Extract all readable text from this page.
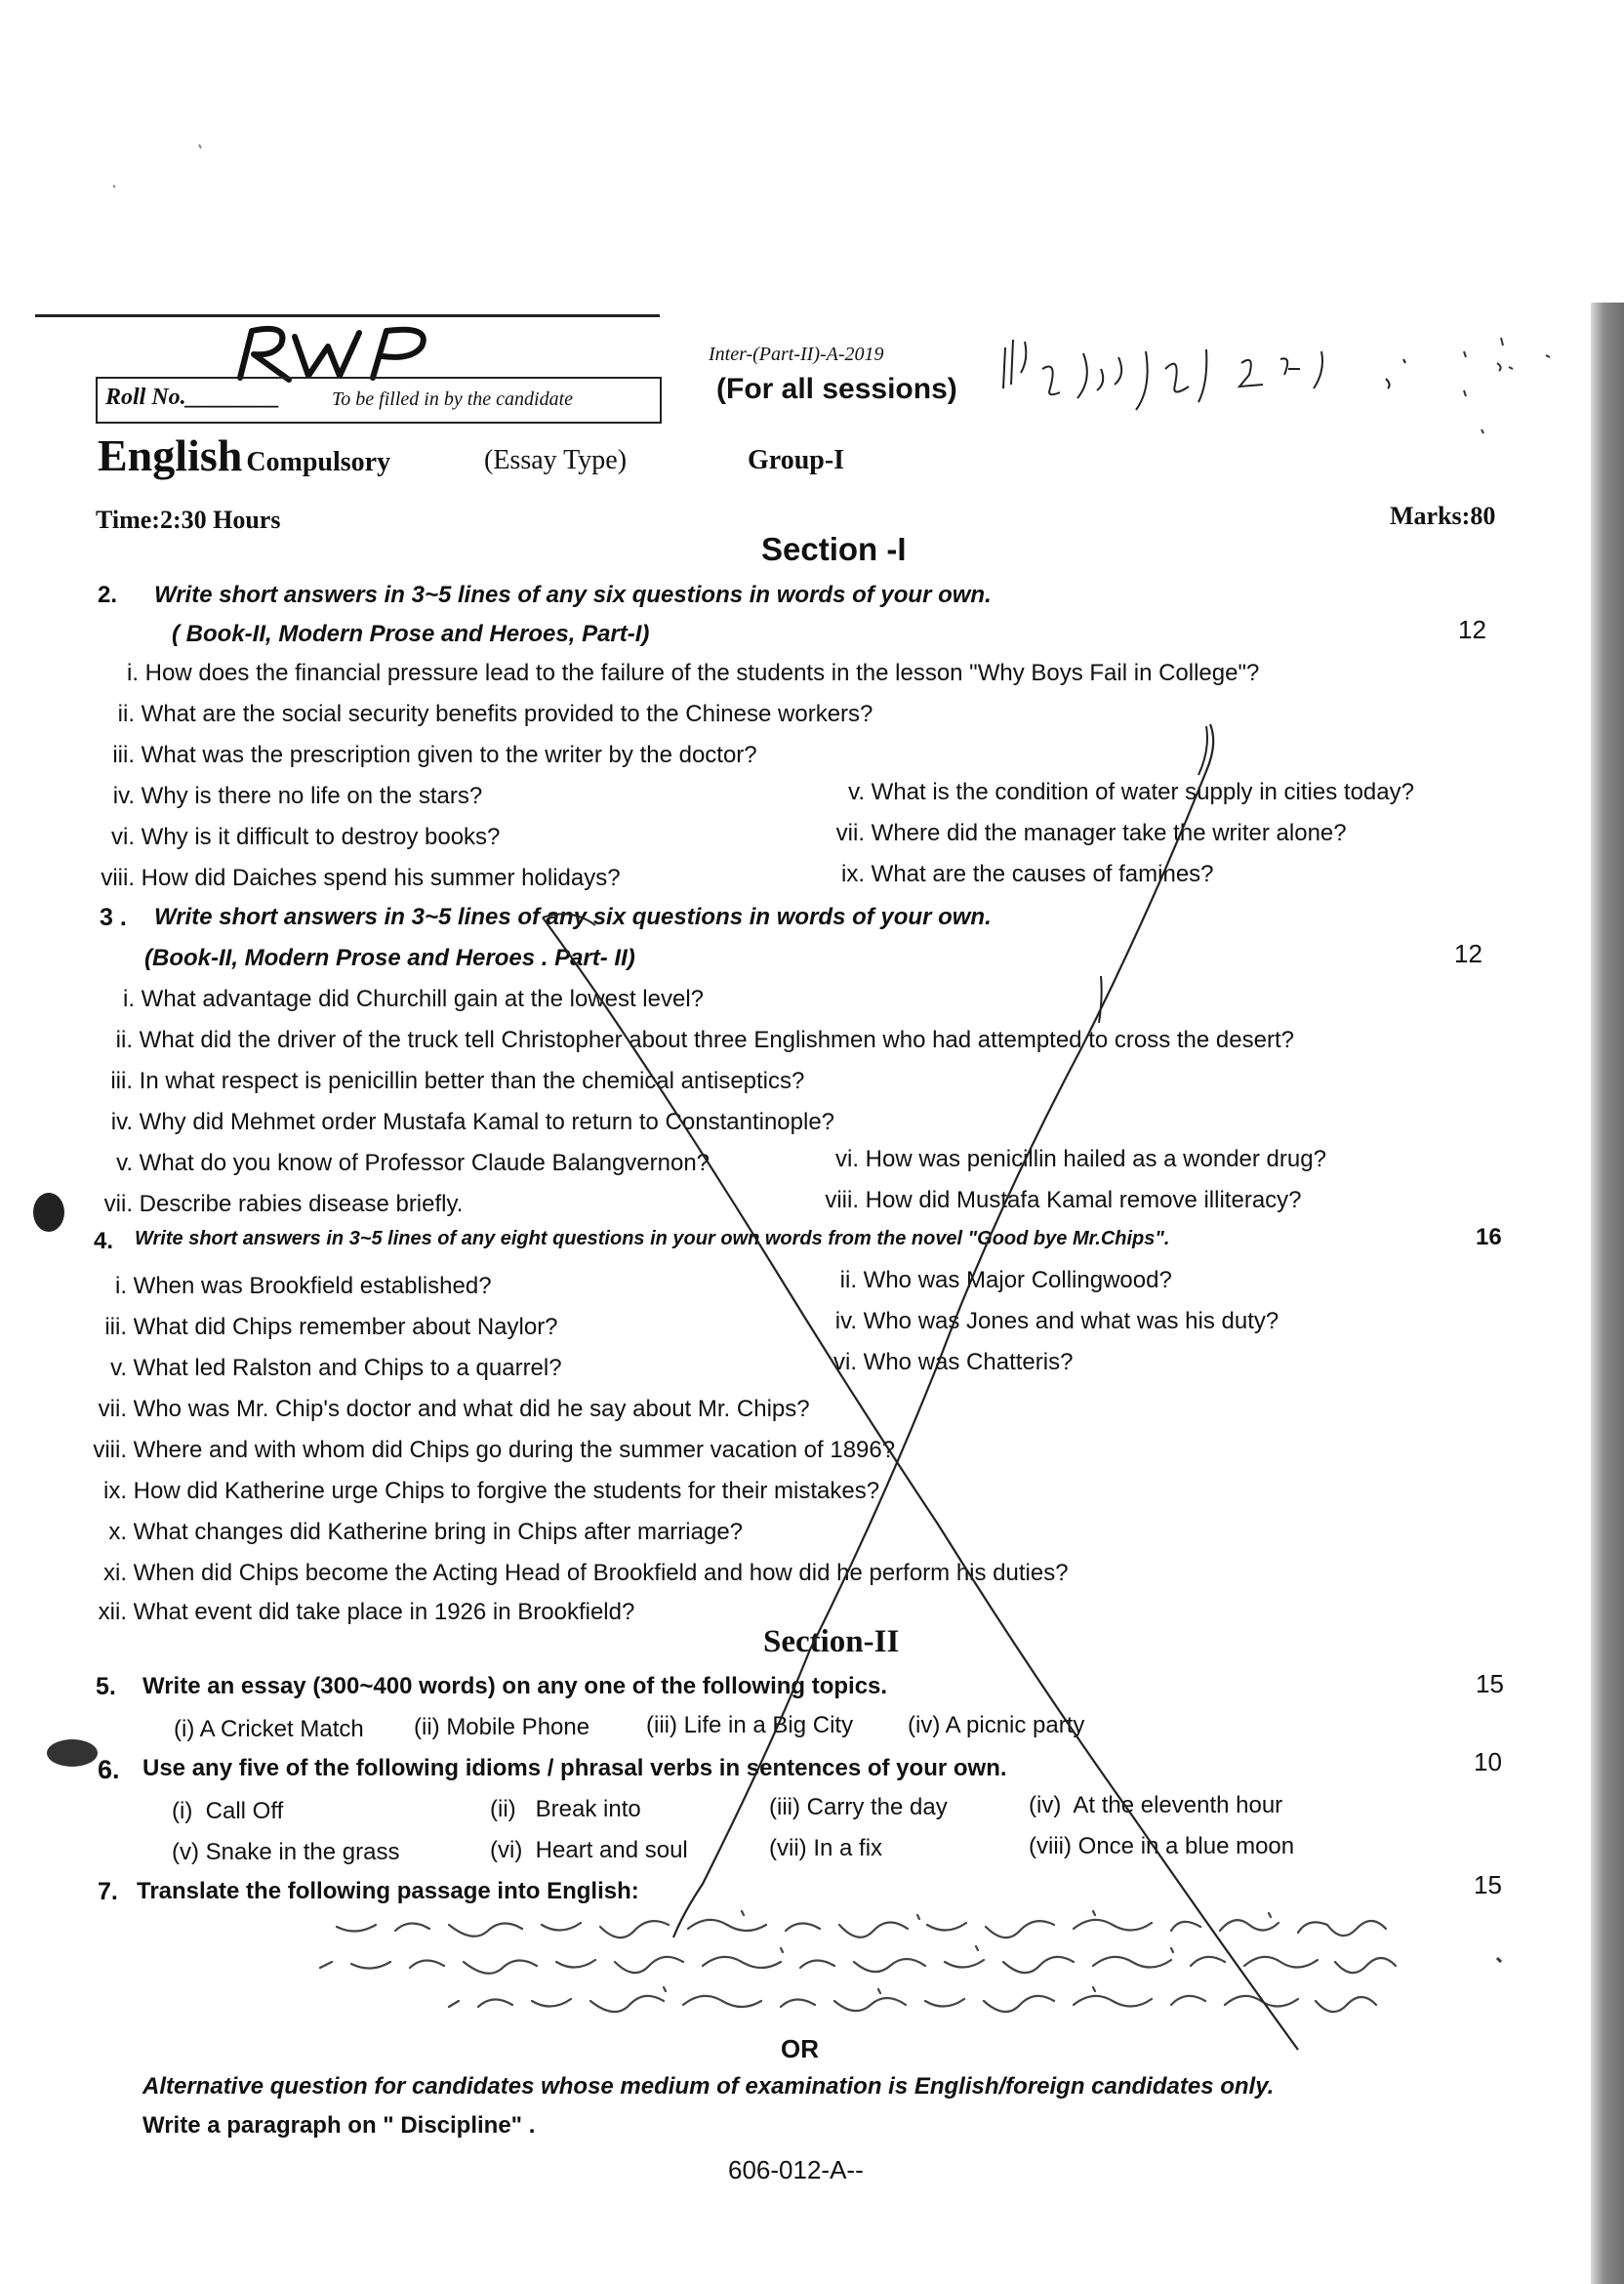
Inter-(Part-II)-A-2019
(For all sessions)
Roll No.________	To be filled in by the candidate
English Compulsory	(Essay Type)	Group-I
Time:2:30 Hours	Marks:80
Section -I
2. Write short answers in 3~5 lines of any six questions in words of your own.
( Book-II, Modern Prose and Heroes, Part-I)	12
i. How does the financial pressure lead to the failure of the students in the lesson "Why Boys Fail in College"?
ii. What are the social security benefits provided to the Chinese workers?
iii. What was the prescription given to the writer by the doctor?
iv. Why is there no life on the stars?	v. What is the condition of water supply in cities today?
vi. Why is it difficult to destroy books?	vii. Where did the manager take the writer alone?
viii. How did Daiches spend his summer holidays?	ix. What are the causes of famines?
3 . Write short answers in 3~5 lines of any six questions in words of your own.
(Book-II, Modern Prose and Heroes . Part- II)	12
i. What advantage did Churchill gain at the lowest level?
ii. What did the driver of the truck tell Christopher about three Englishmen who had attempted to cross the desert?
iii. In what respect is penicillin better than the chemical antiseptics?
iv. Why did Mehmet order Mustafa Kamal to return to Constantinople?
v. What do you know of Professor Claude Balangvernon?	vi. How was penicillin hailed as a wonder drug?
vii. Describe rabies disease briefly.	viii. How did Mustafa Kamal remove illiteracy?
4. Write short answers in 3~5 lines of any eight questions in your own words from the novel "Good bye Mr.Chips".	16
i. When was Brookfield established?	ii. Who was Major Collingwood?
iii. What did Chips remember about Naylor?	iv. Who was Jones and what was his duty?
v. What led Ralston and Chips to a quarrel?	vi. Who was Chatteris?
vii. Who was Mr. Chip's doctor and what did he say about Mr. Chips?
viii. Where and with whom did Chips go during the summer vacation of 1896?
ix. How did Katherine urge Chips to forgive the students for their mistakes?
x. What changes did Katherine bring in Chips after marriage?
xi. When did Chips become the Acting Head of Brookfield and how did he perform his duties?
xii. What event did take place in 1926 in Brookfield?
Section-II
5. Write an essay (300~400 words) on any one of the following topics.	15
(i) A Cricket Match (ii) Mobile Phone (iii) Life in a Big City (iv) A picnic party
6. Use any five of the following idioms / phrasal verbs in sentences of your own.	10
(i) Call Off	(ii) Break into	(iii) Carry the day	(iv) At the eleventh hour
(v) Snake in the grass	(vi) Heart and soul	(vii) In a fix	(viii) Once in a blue moon
7. Translate the following passage into English:	15
OR
Alternative question for candidates whose medium of examination is English/foreign candidates only.
Write a paragraph on " Discipline" .
606-012-A--
